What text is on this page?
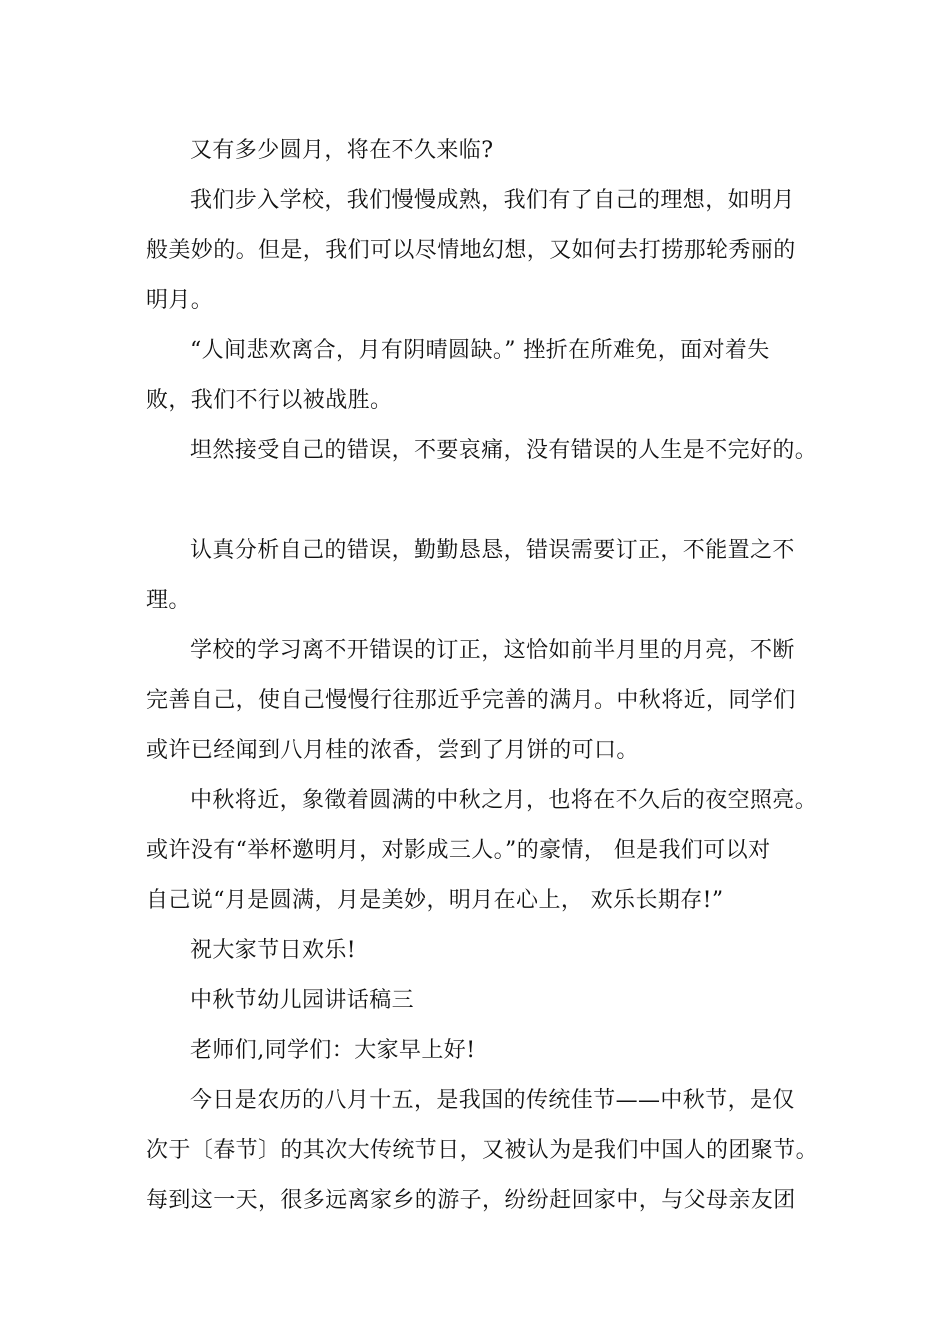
又有多少圆月，将在不久来临?
我们步入学校，我们慢慢成熟，我们有了自己的理想，如明月
般美妙的。但是，我们可以尽情地幻想，又如何去打捞那轮秀丽的
明月。
“人间悲欢离合，月有阴晴圆缺。” 挫折在所难免，面对着失
败，我们不行以被战胜。
坦然接受自己的错误，不要哀痛，没有错误的人生是不完好的。
认真分析自己的错误，勤勤恳恳，错误需要订正，不能置之不
理。
学校的学习离不开错误的订正，这恰如前半月里的月亮，不断
完善自己，使自己慢慢行往那近乎完善的满月。中秋将近，同学们
或许已经闻到八月桂的浓香，尝到了月饼的可口。
中秋将近，象徵着圆满的中秋之月，也将在不久后的夜空照亮。
或许没有“举杯邀明月，对影成三人。”的豪情， 但是我们可以对
自己说“月是圆满，月是美妙，明月在心上， 欢乐长期存!”
祝大家节日欢乐!
中秋节幼儿园讲话稿三
老师们,同学们：大家早上好!
今日是农历的八月十五，是我国的传统佳节——中秋节，是仅
次于〔春节〕的其次大传统节日，又被认为是我们中国人的团聚节。
每到这一天，很多远离家乡的游子，纷纷赶回家中，与父母亲友团
